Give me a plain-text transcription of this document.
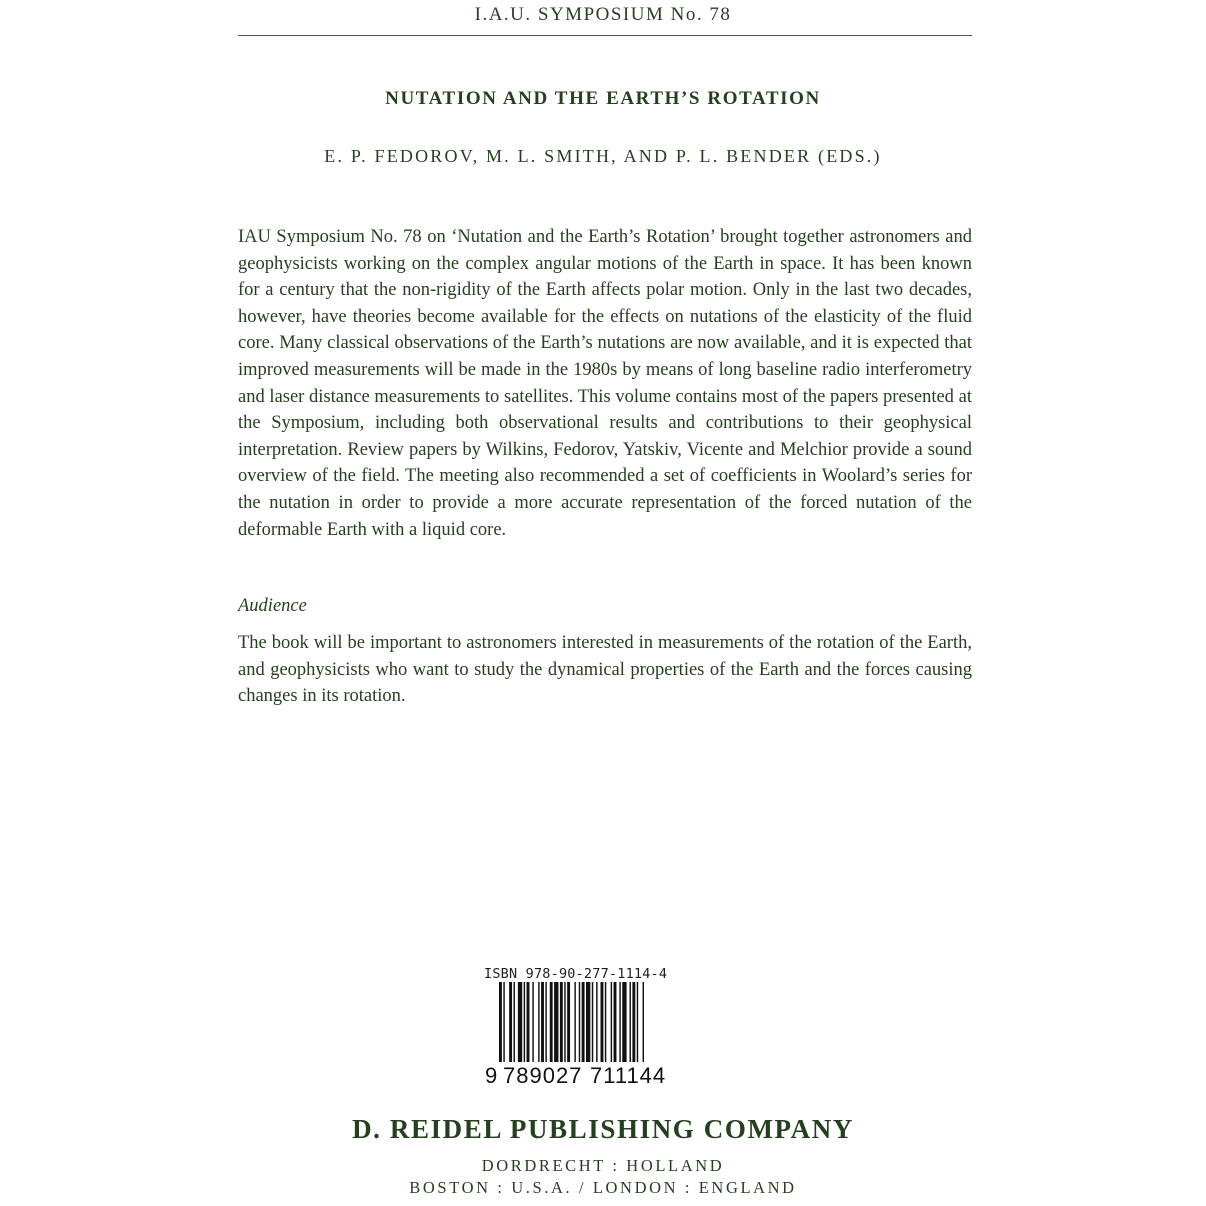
I.A.U. SYMPOSIUM No. 78
NUTATION AND THE EARTH’S ROTATION
E. P. FEDOROV, M. L. SMITH, AND P. L. BENDER (EDS.)

IAU Symposium No. 78 on ‘Nutation and the Earth’s Rotation’ brought together astronomers and geophysicists working on the complex angular motions of the Earth in space. It has been known for a century that the non-rigidity of the Earth affects polar motion. Only in the last two decades, however, have theories become available for the effects on nutations of the elasticity of the fluid core. Many classical observations of the Earth’s nutations are now available, and it is expected that improved measurements will be made in the 1980s by means of long baseline radio interferometry and laser distance measurements to satellites. This volume contains most of the papers presented at the Symposium, including both observational results and contributions to their geophysical interpretation. Review papers by Wilkins, Fedorov, Yatskiv, Vicente and Melchior provide a sound overview of the field. The meeting also recommended a set of coefficients in Woolard’s series for the nutation in order to provide a more accurate representation of the forced nutation of the deformable Earth with a liquid core.

Audience

The book will be important to astronomers interested in measurements of the rotation of the Earth, and geophysicists who want to study the dynamical properties of the Earth and the forces causing changes in its rotation.

ISBN 978-90-277-1114-4
9 789027 711144
D. REIDEL PUBLISHING COMPANY
DORDRECHT : HOLLAND
BOSTON : U.S.A. / LONDON : ENGLAND
